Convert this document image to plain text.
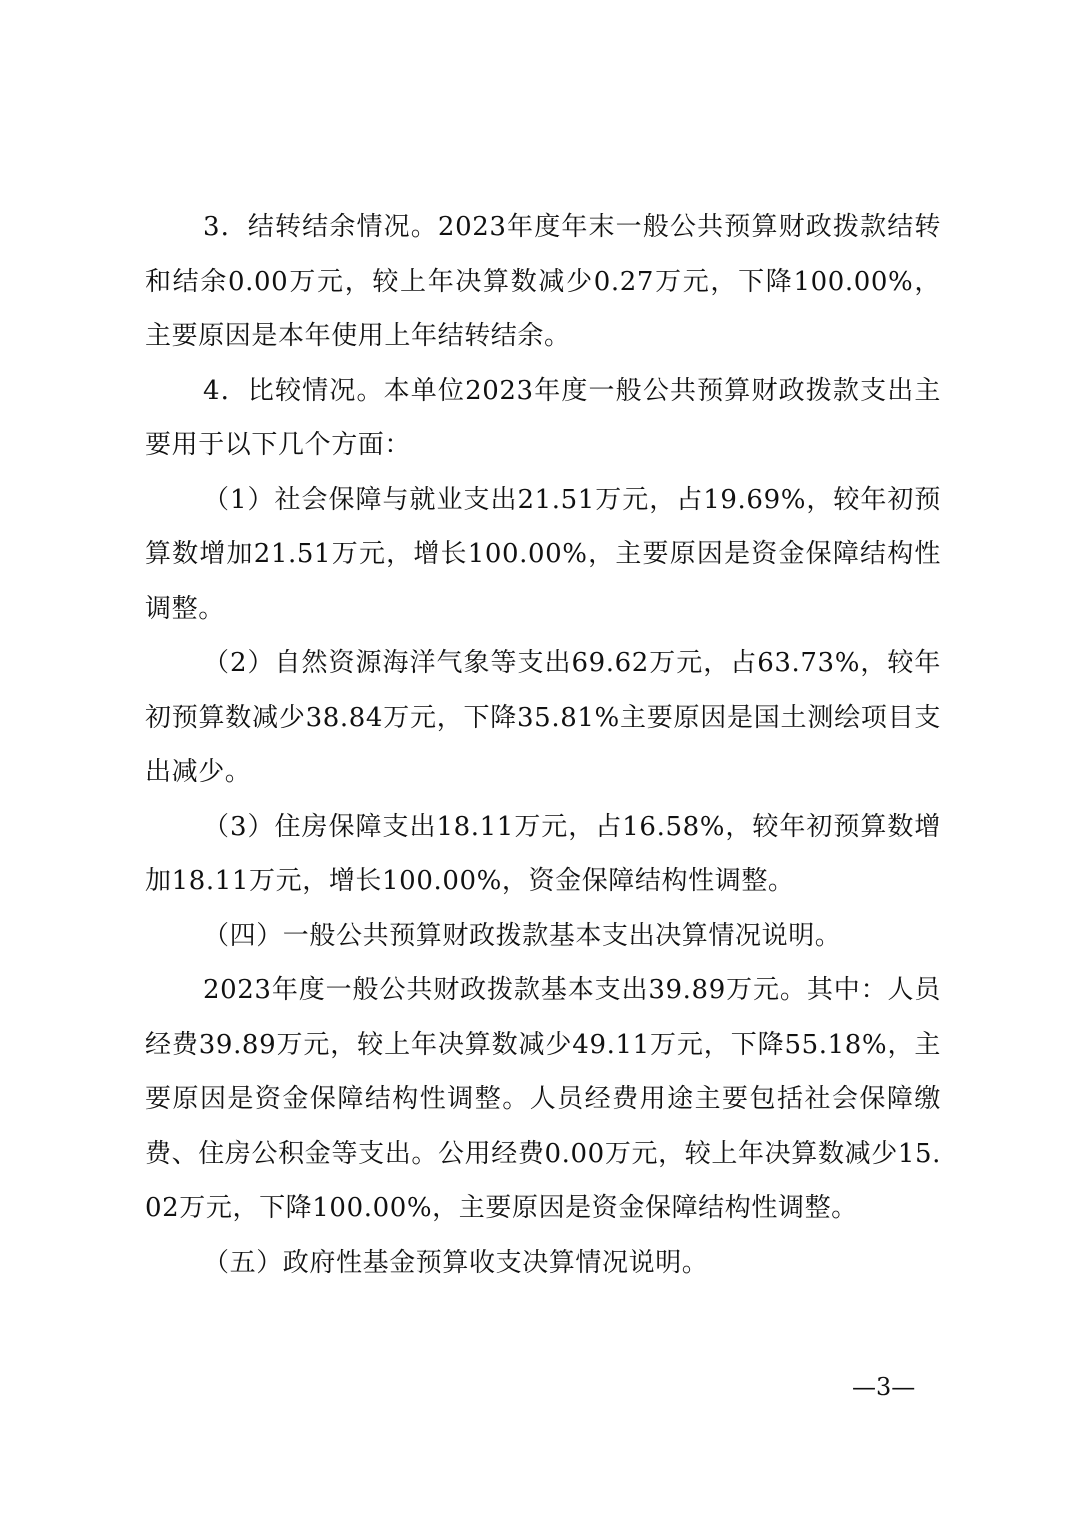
3．结转结余情况。2023年度年末一般公共预算财政拨款结转和结余0.00万元，较上年决算数减少0.27万元，下降100.00%，主要原因是本年使用上年结转结余。

4．比较情况。本单位2023年度一般公共预算财政拨款支出主要用于以下几个方面：

（1）社会保障与就业支出21.51万元，占19.69%，较年初预算数增加21.51万元，增长100.00%，主要原因是资金保障结构性调整。

（2）自然资源海洋气象等支出69.62万元，占63.73%，较年初预算数减少38.84万元，下降35.81%主要原因是国土测绘项目支出减少。

（3）住房保障支出18.11万元，占16.58%，较年初预算数增加18.11万元，增长100.00%，资金保障结构性调整。

（四）一般公共预算财政拨款基本支出决算情况说明。

2023年度一般公共财政拨款基本支出39.89万元。其中：人员经费39.89万元，较上年决算数减少49.11万元，下降55.18%，主要原因是资金保障结构性调整。人员经费用途主要包括社会保障缴费、住房公积金等支出。公用经费0.00万元，较上年决算数减少15.02万元，下降100.00%，主要原因是资金保障结构性调整。

（五）政府性基金预算收支决算情况说明。

—3—
